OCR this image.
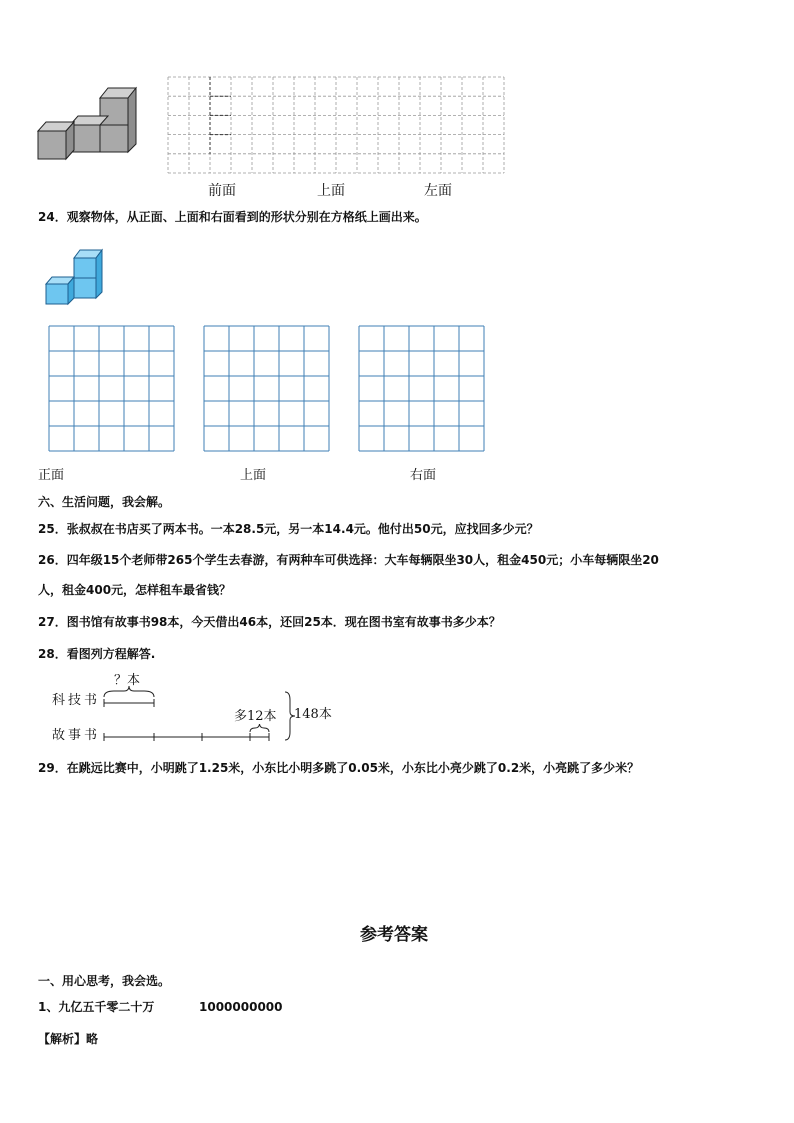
前面	上面	左面
24．观察物体，从正面、上面和右面看到的形状分别在方格纸上画出来。
正面	上面	右面
六、生活问题，我会解。
25．张叔叔在书店买了两本书。一本28.5元，另一本14.4元。他付出50元，应找回多少元？
26．四年级15个老师带265个学生去春游，有两种车可供选择：大车每辆限坐30人，租金450元；小车每辆限坐20
人，租金400元，怎样租车最省钱？
27．图书馆有故事书98本，今天借出46本，还回25本．现在图书室有故事书多少本？
28．看图列方程解答.
科技书
？本
故事书
多12本 148本
29．在跳远比赛中，小明跳了1.25米，小东比小明多跳了0.05米，小东比小亮少跳了0.2米，小亮跳了多少米？
参考答案
一、用心思考，我会选。
1、九亿五千零二十万	1000000000
【解析】略
